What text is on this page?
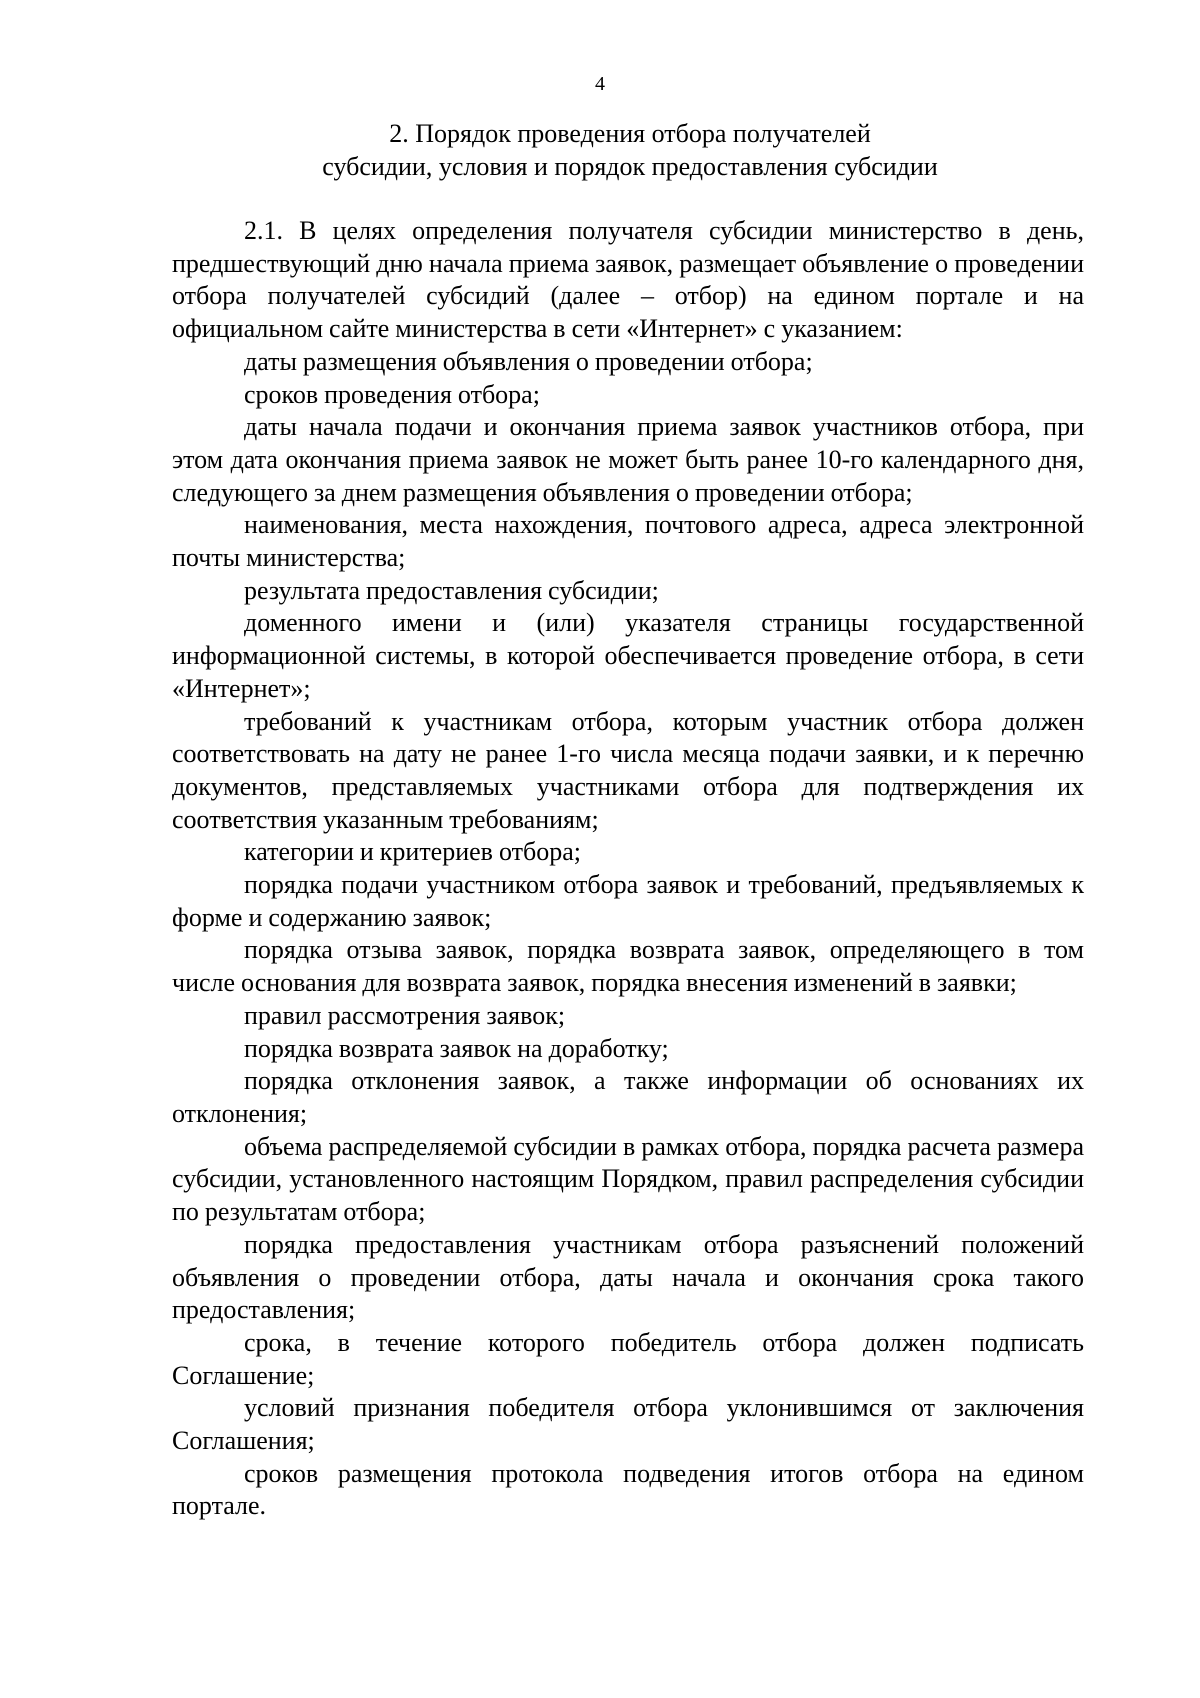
4
2. Порядок проведения отбора получателей
субсидии, условия и порядок предоставления субсидии

2.1. В целях определения получателя субсидии министерство в день, предшествующий дню начала приема заявок, размещает объявление о проведении отбора получателей субсидий (далее – отбор) на едином портале и на официальном сайте министерства в сети «Интернет» с указанием:

даты размещения объявления о проведении отбора;

сроков проведения отбора;

даты начала подачи и окончания приема заявок участников отбора, при этом дата окончания приема заявок не может быть ранее 10-го календарного дня, следующего за днем размещения объявления о проведении отбора;

наименования, места нахождения, почтового адреса, адреса электронной почты министерства;

результата предоставления субсидии;

доменного имени и (или) указателя страницы государственной информационной системы, в которой обеспечивается проведение отбора, в сети «Интернет»;

требований к участникам отбора, которым участник отбора должен соответствовать на дату не ранее 1-го числа месяца подачи заявки, и к перечню документов, представляемых участниками отбора для подтверждения их соответствия указанным требованиям;

категории и критериев отбора;

порядка подачи участником отбора заявок и требований, предъявляемых к форме и содержанию заявок;

порядка отзыва заявок, порядка возврата заявок, определяющего в том числе основания для возврата заявок, порядка внесения изменений в заявки;

правил рассмотрения заявок;

порядка возврата заявок на доработку;

порядка отклонения заявок, а также информации об основаниях их отклонения;

объема распределяемой субсидии в рамках отбора, порядка расчета размера субсидии, установленного настоящим Порядком, правил распределения субсидии по результатам отбора;

порядка предоставления участникам отбора разъяснений положений объявления о проведении отбора, даты начала и окончания срока такого предоставления;

срока, в течение которого победитель отбора должен подписать Соглашение;

условий признания победителя отбора уклонившимся от заключения Соглашения;

сроков размещения протокола подведения итогов отбора на едином портале.
